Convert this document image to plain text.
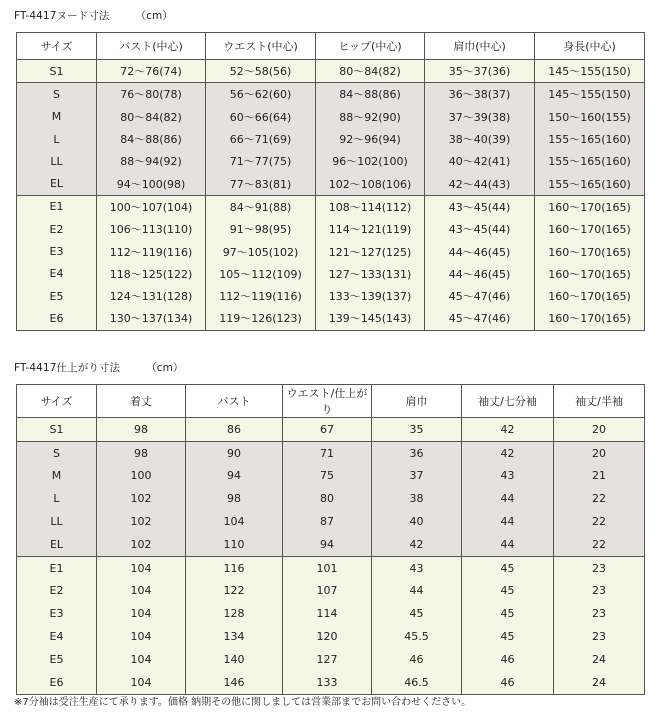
FT-4417ヌード寸法 （cm）
サイズ	バスト(中心)	ウエスト(中心)	ヒップ(中心)	肩巾(中心)	身長(中心)
S1	72～76(74)	52～58(56)	80～84(82)	35～37(36)	145～155(150)
S	76～80(78)	56～62(60)	84～88(86)	36～38(37)	145～155(150)
M	80～84(82)	60～66(64)	88～92(90)	37～39(38)	150～160(155)
L	84～88(86)	66～71(69)	92～96(94)	38～40(39)	155～165(160)
LL	88～94(92)	71～77(75)	96～102(100)	40～42(41)	155～165(160)
EL	94～100(98)	77～83(81)	102～108(106)	42～44(43)	155～165(160)
E1	100～107(104)	84～91(88)	108～114(112)	43～45(44)	160～170(165)
E2	106～113(110)	91～98(95)	114～121(119)	43～45(44)	160～170(165)
E3	112～119(116)	97～105(102)	121～127(125)	44～46(45)	160～170(165)
E4	118～125(122)	105～112(109)	127～133(131)	44～46(45)	160～170(165)
E5	124～131(128)	112～119(116)	133～139(137)	45～47(46)	160～170(165)
E6	130～137(134)	119～126(123)	139～145(143)	45～47(46)	160～170(165)
FT-4417仕上がり寸法 （cm）
サイズ	着丈	バスト	ウエスト/仕上がり	肩巾	袖丈/七分袖	袖丈/半袖
S1	98	86	67	35	42	20
S	98	90	71	36	42	20
M	100	94	75	37	43	21
L	102	98	80	38	44	22
LL	102	104	87	40	44	22
EL	102	110	94	42	44	22
E1	104	116	101	43	45	23
E2	104	122	107	44	45	23
E3	104	128	114	45	45	23
E4	104	134	120	45.5	45	23
E5	104	140	127	46	46	24
E6	104	146	133	46.5	46	24
※7分袖は受注生産にて承ります。価格 納期その他に関しましては営業部までお問い合わせください。
